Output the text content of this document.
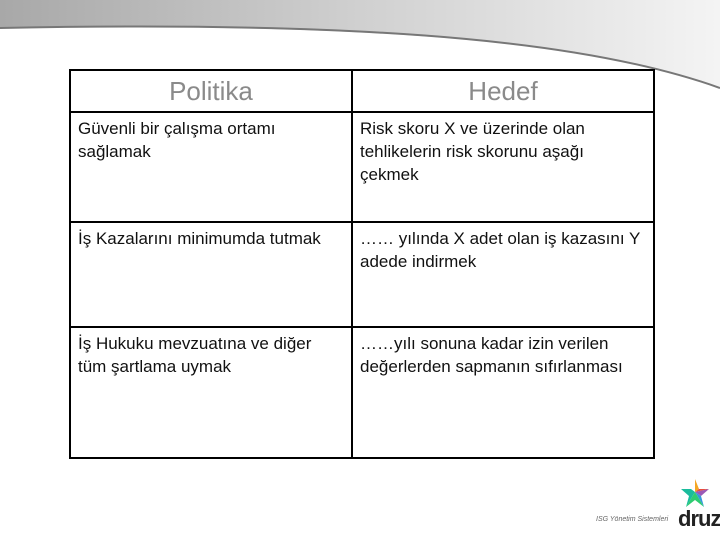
Politika	Hedef
Güvenli bir çalışma ortamı sağlamak	Risk skoru X ve üzerinde olan tehlikelerin risk skorunu aşağı çekmek
İş Kazalarını minimumda tutmak	…… yılında X adet olan iş kazasını Y adede indirmek
İş Hukuku mevzuatına ve diğer tüm şartlama uymak	……yılı sonuna kadar izin verilen değerlerden sapmanın sıfırlanması
ISG Yönetim Sistemleri druz
